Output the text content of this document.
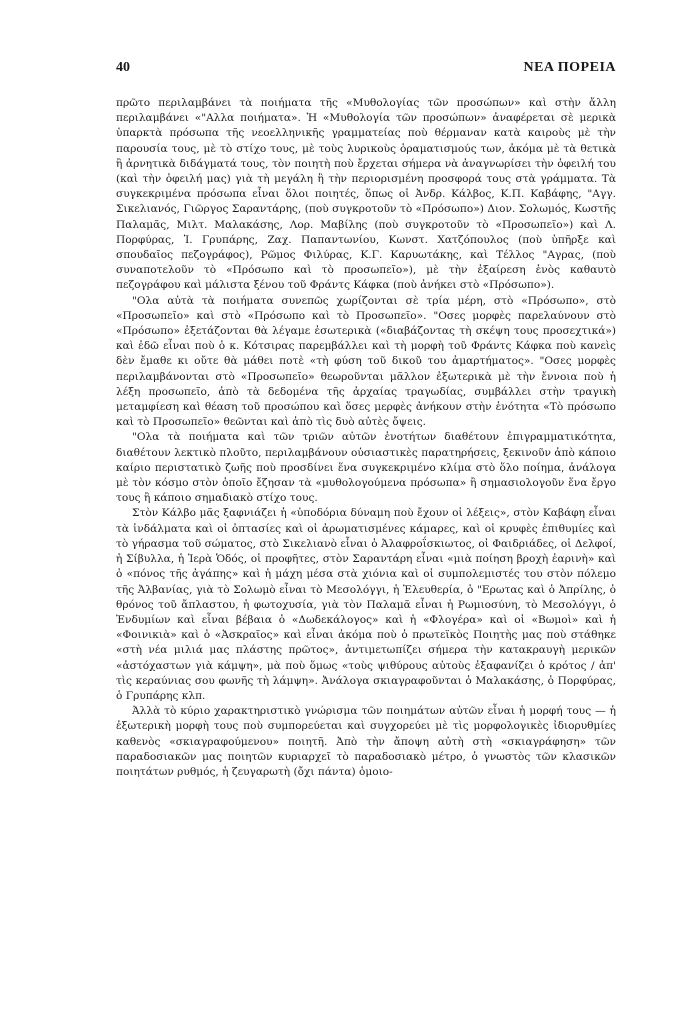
40	ΝΕΑ ΠΟΡΕΙΑ

πρῶτο περιλαμβάνει τὰ ποιήματα τῆς «Μυθολογίας τῶν προσώπων» καὶ στὴν ἄλλη περιλαμβάνει «"Αλλα ποιήματα». Ἡ «Μυθολογία τῶν προσώπων» ἀναφέρεται σὲ μερικὰ ὑπαρκτὰ πρόσωπα τῆς νεοελληνικῆς γραμματείας ποὺ θέρμαναν κατὰ καιροὺς μὲ τὴν παρουσία τους, μὲ τὸ στίχο τους, μὲ τοὺς λυρικοὺς ὁραματισμούς των, ἀκόμα μὲ τὰ θετικὰ ἢ ἀρνητικὰ διδάγματά τους, τὸν ποιητὴ ποὺ ἔρχεται σήμερα νὰ ἀναγνωρίσει τὴν ὀφειλή του (καὶ τὴν ὀφειλή μας) γιὰ τὴ μεγάλη ἢ τὴν περιορισμένη προσφορά τους στὰ γράμματα. Τὰ συγκεκριμένα πρόσωπα εἶναι ὅλοι ποιητές, ὅπως οἱ Ἀνδρ. Κάλβος, Κ.Π. Καβάφης, "Αγγ. Σικελιανός, Γιῶργος Σαραντάρης, (ποὺ συγκροτοῦν τὸ «Πρόσωπο») Διον. Σολωμός, Κωστῆς Παλαμᾶς, Μιλτ. Μαλακάσης, Λορ. Μαβίλης (ποὺ συγκροτοῦν τὸ «Προσωπεῖο») καὶ Λ. Πορφύρας, Ἰ. Γρυπάρης, Ζαχ. Παπαντωνίου, Κωνστ. Χατζόπουλος (ποὺ ὑπῆρξε καὶ σπουδαῖος πεζογράφος), Ρῶμος Φιλύρας, Κ.Γ. Καρυωτάκης, καὶ Τέλλος "Αγρας, (ποὺ συναποτελοῦν τὸ «Πρόσωπο καὶ τὸ προσωπεῖο»), μὲ τὴν ἐξαίρεση ἑνὸς καθαυτὸ πεζογράφου καὶ μάλιστα ξένου τοῦ Φράντς Κάφκα (ποὺ ἀνήκει στὸ «Πρόσωπο»).

"Ολα αὐτὰ τὰ ποιήματα συνεπῶς χωρίζονται σὲ τρία μέρη, στὸ «Πρόσωπο», στὸ «Προσωπεῖο» καὶ στὸ «Πρόσωπο καὶ τὸ Προσωπεῖο». "Οσες μορφὲς παρελαύνουν στὸ «Πρόσωπο» ἐξετάζονται θὰ λέγαμε ἐσωτερικὰ («διαβάζοντας τὴ σκέψη τους προσεχτικά») καὶ ἐδῶ εἶναι ποὺ ὁ κ. Κότσιρας παρεμβάλλει καὶ τὴ μορφὴ τοῦ Φράντς Κάφκα ποὺ κανεὶς δὲν ἔμαθε κι οὔτε θὰ μάθει ποτὲ «τὴ φύση τοῦ δικοῦ του ἁμαρτήματος». "Οσες μορφὲς περιλαμβάνονται στὸ «Προσωπεῖο» θεωροῦνται μᾶλλον ἐξωτερικὰ μὲ τὴν ἔννοια ποὺ ἡ λέξη προσωπεῖο, ἀπὸ τὰ δεδομένα τῆς ἀρχαίας τραγωδίας, συμβάλλει στὴν τραγικὴ μεταμφίεση καὶ θέαση τοῦ προσώπου καὶ ὅσες μερφὲς ἀνήκουν στὴν ἑνότητα «Τὸ πρόσωπο καὶ τὸ Προσωπεῖο» θεῶνται καὶ ἀπὸ τὶς δυὸ αὐτὲς ὄψεις.

"Ολα τὰ ποιήματα καὶ τῶν τριῶν αὐτῶν ἑνοτήτων διαθέτουν ἐπιγραμματικότητα, διαθέτουν λεκτικὸ πλοῦτο, περιλαμβάνουν οὐσιαστικὲς παρατηρήσεις, ξεκινοῦν ἀπὸ κάποιο καίριο περιστατικὸ ζωῆς ποὺ προσδίνει ἕνα συγκεκριμένο κλίμα στὸ ὅλο ποίημα, ἀνάλογα μὲ τὸν κόσμο στὸν ὁποῖο ἔζησαν τὰ «μυθολογούμενα πρόσωπα» ἢ σημασιολογοῦν ἕνα ἔργο τους ἢ κάποιο σημαδιακὸ στίχο τους.

Στὸν Κάλβο μᾶς ξαφνιάζει ἡ «ὑποδόρια δύναμη ποὺ ἔχουν οἱ λέξεις», στὸν Καβάφη εἶναι τὰ ἰνδάλματα καὶ οἱ ὀπτασίες καὶ οἱ ἀρωματισμένες κάμαρες, καὶ οἱ κρυφὲς ἐπιθυμίες καὶ τὸ γήρασμα τοῦ σώματος, στὸ Σικελιανὸ εἶναι ὁ Ἀλαφροΐσκιωτος, οἱ Φαιδριάδες, οἱ Δελφοί, ἡ Σίβυλλα, ἡ Ἱερὰ Ὁδός, οἱ προφῆτες, στὸν Σαραντάρη εἶναι «μιὰ ποίηση βροχὴ ἐαρινὴ» καὶ ὁ «πόνος τῆς ἀγάπης» καὶ ἡ μάχη μέσα στὰ χιόνια καὶ οἱ συμπολεμιστές του στὸν πόλεμο τῆς Ἀλβανίας, γιὰ τὸ Σολωμὸ εἶναι τὸ Μεσολόγγι, ἡ Ἐλευθερία, ὁ "Ερωτας καὶ ὁ Ἀπρίλης, ὁ θρόνος τοῦ ἄπλαστου, ἡ φωτοχυσία, γιὰ τὸν Παλαμᾶ εἶναι ἡ Ρωμιοσύνη, τὸ Μεσολόγγι, ὁ Ἐνδυμίων καὶ εἶναι βέβαια ὁ «Δωδεκάλογος» καὶ ἡ «Φλογέρα» καὶ οἱ «Βωμοὶ» καὶ ἡ «Φοινικιὰ» καὶ ὁ «Ἀσκραῖος» καὶ εἶναι ἀκόμα ποὺ ὁ πρωτεϊκὸς Ποιητὴς μας ποὺ στάθηκε «στὴ νέα μιλιά μας πλάστης πρῶτος», ἀντιμετωπίζει σήμερα τὴν κατακραυγὴ μερικῶν «ἀστόχαστων γιὰ κάμψη», μὰ ποὺ ὅμως «τοὺς ψιθύρους αὐτοὺς ἐξαφανίζει ὁ κρότος / ἀπ' τὶς κεραύνιας σου φωνῆς τὴ λάμψη». Ἀνάλογα σκιαγραφοῦνται ὁ Μαλακάσης, ὁ Πορφύρας, ὁ Γρυπάρης κλπ.

Ἀλλὰ τὸ κύριο χαρακτηριστικὸ γνώρισμα τῶν ποιημάτων αὐτῶν εἶναι ἡ μορφή τους — ἡ ἐξωτερικὴ μορφὴ τους ποὺ συμπορεύεται καὶ συγχορεύει μὲ τὶς μορφολογικὲς ἰδιορυθμίες καθενὸς «σκιαγραφούμενου» ποιητῆ. Ἀπὸ τὴν ἄποψη αὐτὴ στὴ «σκιαγράφηση» τῶν παραδοσιακῶν μας ποιητῶν κυριαρχεῖ τὸ παραδοσιακὸ μέτρο, ὁ γνωστὸς τῶν κλασικῶν ποιητάτων ρυθμός, ἡ ζευγαρωτὴ (ὄχι πάντα) ὁμοιο-
